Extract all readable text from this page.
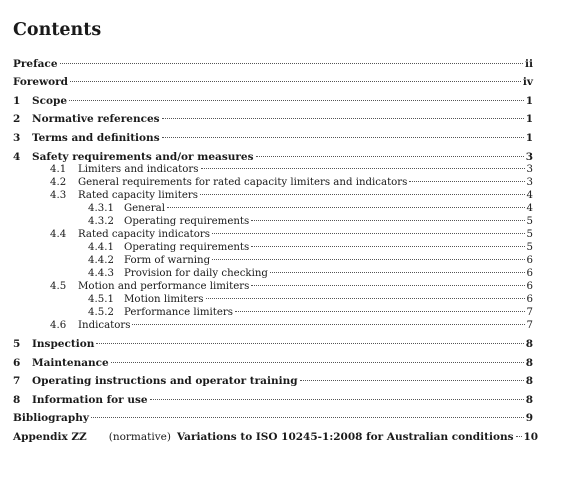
Contents
Preface	ii
Foreword	iv
1	Scope	1
2	Normative references	1
3	Terms and definitions	1
4	Safety requirements and/or measures	3
4.1	Limiters and indicators	3
4.2	General requirements for rated capacity limiters and indicators	3
4.3	Rated capacity limiters	4
4.3.1 General	4
4.3.2 Operating requirements	5
4.4	Rated capacity indicators	5
4.4.1 Operating requirements	5
4.4.2 Form of warning	6
4.4.3 Provision for daily checking	6
4.5	Motion and performance limiters	6
4.5.1 Motion limiters	6
4.5.2 Performance limiters	7
4.6	Indicators	7
5	Inspection	8
6	Maintenance	8
7	Operating instructions and operator training	8
8	Information for use	8
Bibliography	9
Appendix ZZ (normative) Variations to ISO 10245-1:2008 for Australian conditions 10
